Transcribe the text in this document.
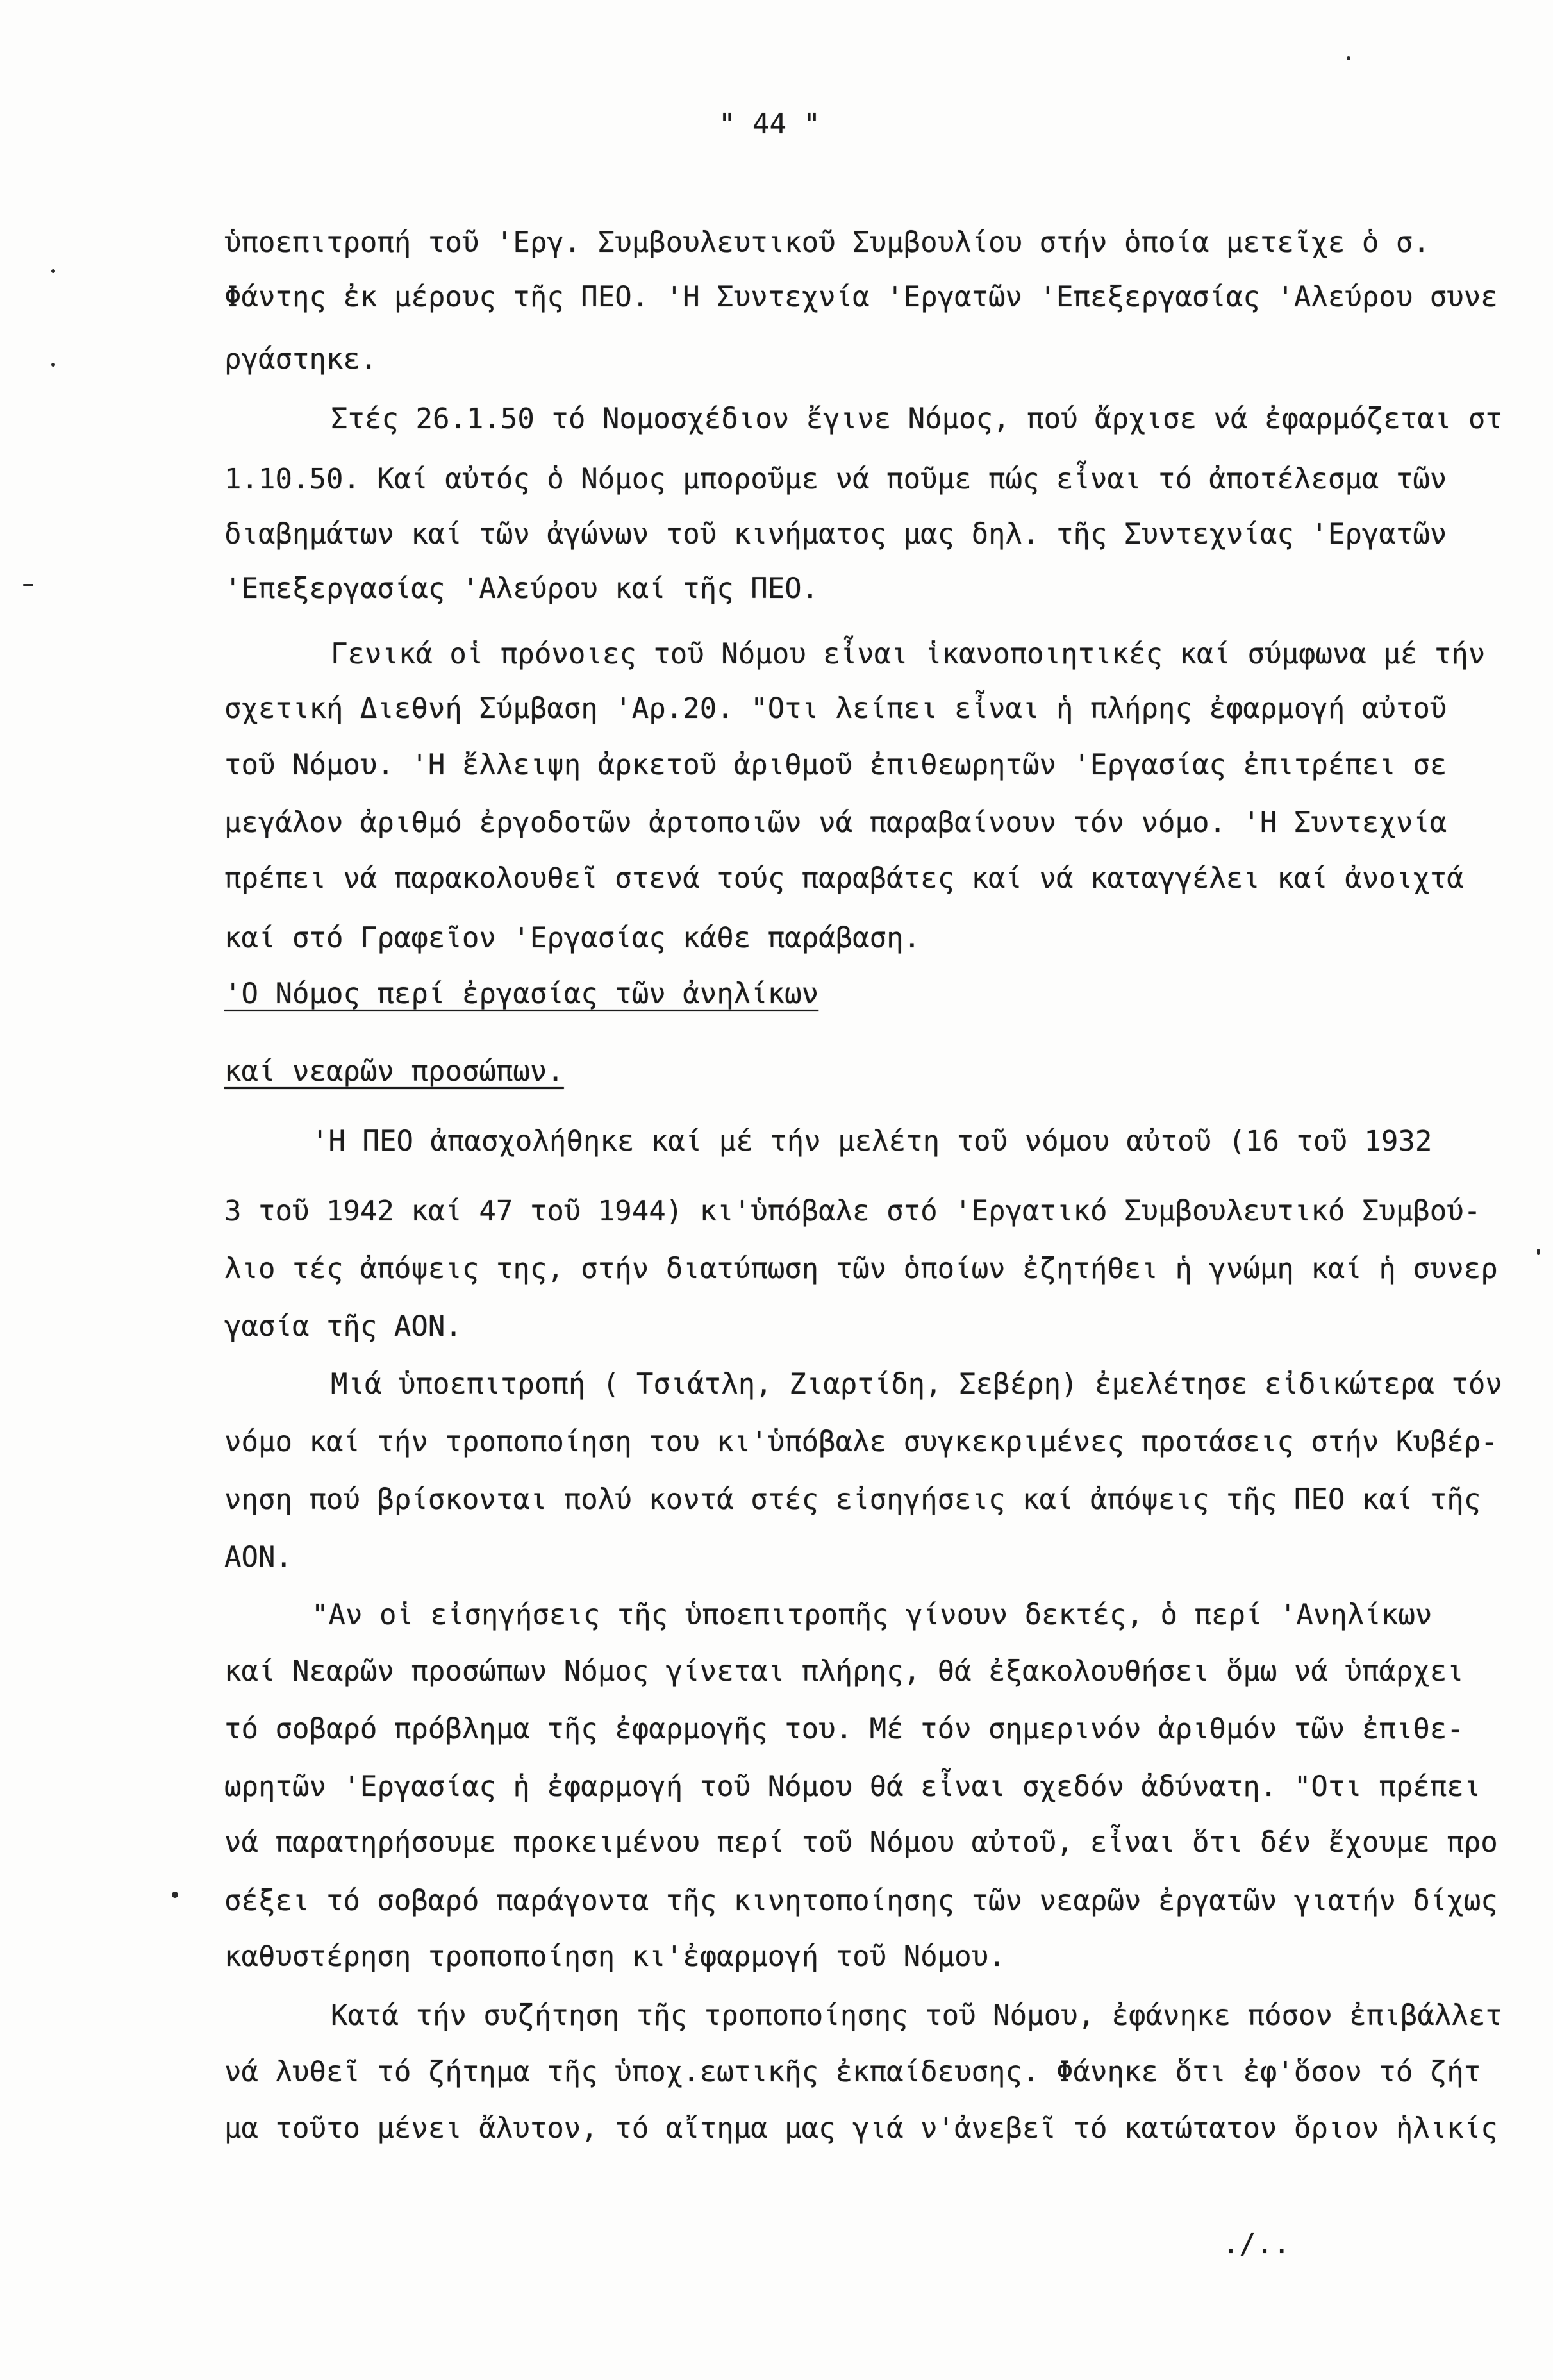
" 44 "
ὑποεπιτροπή τοῦ 'Εργ. Συμβουλευτικοῦ Συμβουλίου στήν ὁποία μετεῖχε ὁ σ.
Φάντης ἐκ μέρους τῆς ΠΕΟ. 'Η Συντεχνία 'Εργατῶν 'Επεξεργασίας 'Αλεύρου συνε
ργάστηκε.
Στές 26.1.50 τό Νομοσχέδιον ἔγινε Νόμος, πού ἄρχισε νά ἐφαρμόζεται στ
1.10.50. Καί αὐτός ὁ Νόμος μποροῦμε νά ποῦμε πώς εἶναι τό ἀποτέλεσμα τῶν
διαβημάτων καί τῶν ἀγώνων τοῦ κινήματος μας δηλ. τῆς Συντεχνίας 'Εργατῶν
'Επεξεργασίας 'Αλεύρου καί τῆς ΠΕΟ.
Γενικά οἱ πρόνοιες τοῦ Νόμου εἶναι ἱκανοποιητικές καί σύμφωνα μέ τήν
σχετική Διεθνή Σύμβαση 'Αρ.20. "Οτι λείπει εἶναι ἡ πλήρης ἐφαρμογή αὐτοῦ
τοῦ Νόμου. 'Η ἔλλειψη ἀρκετοῦ ἀριθμοῦ ἐπιθεωρητῶν 'Εργασίας ἐπιτρέπει σε
μεγάλον ἀριθμό ἐργοδοτῶν ἀρτοποιῶν νά παραβαίνουν τόν νόμο. 'Η Συντεχνία
πρέπει νά παρακολουθεῖ στενά τούς παραβάτες καί νά καταγγέλει καί ἀνοιχτά
καί στό Γραφεῖον 'Εργασίας κάθε παράβαση.
'Ο Νόμος περί ἐργασίας τῶν ἀνηλίκων
καί νεαρῶν προσώπων.
'Η ΠΕΟ ἀπασχολήθηκε καί μέ τήν μελέτη τοῦ νόμου αὐτοῦ (16 τοῦ 1932
3 τοῦ 1942 καί 47 τοῦ 1944) κι'ὑπόβαλε στό 'Εργατικό Συμβουλευτικό Συμβού-
λιο τές ἀπόψεις της, στήν διατύπωση τῶν ὁποίων ἐζητήθει ἡ γνώμη καί ἡ συνερ
γασία τῆς ΑΟΝ.
Μιά ὑποεπιτροπή ( Τσιάτλη, Ζιαρτίδη, Σεβέρη) ἐμελέτησε εἰδικώτερα τόν
νόμο καί τήν τροποποίηση του κι'ὑπόβαλε συγκεκριμένες προτάσεις στήν Κυβέρ-
νηση πού βρίσκονται πολύ κοντά στές εἰσηγήσεις καί ἀπόψεις τῆς ΠΕΟ καί τῆς
ΑΟΝ.
"Αν οἱ εἰσηγήσεις τῆς ὑποεπιτροπῆς γίνουν δεκτές, ὁ περί 'Ανηλίκων
καί Νεαρῶν προσώπων Νόμος γίνεται πλήρης, θά ἐξακολουθήσει ὅμω νά ὑπάρχει
τό σοβαρό πρόβλημα τῆς ἐφαρμογῆς του. Μέ τόν σημερινόν ἀριθμόν τῶν ἐπιθε-
ωρητῶν 'Εργασίας ἡ ἐφαρμογή τοῦ Νόμου θά εἶναι σχεδόν ἀδύνατη. "Οτι πρέπει
νά παρατηρήσουμε προκειμένου περί τοῦ Νόμου αὐτοῦ, εἶναι ὅτι δέν ἔχουμε προ
σέξει τό σοβαρό παράγοντα τῆς κινητοποίησης τῶν νεαρῶν ἐργατῶν γιατήν δίχως
καθυστέρηση τροποποίηση κι'ἐφαρμογή τοῦ Νόμου.
Κατά τήν συζήτηση τῆς τροποποίησης τοῦ Νόμου, ἐφάνηκε πόσον ἐπιβάλλετ
νά λυθεῖ τό ζήτημα τῆς ὑποχ.εωτικῆς ἐκπαίδευσης. Φάνηκε ὅτι ἐφ'ὅσον τό ζήτ
μα τοῦτο μένει ἄλυτον, τό αἴτημα μας γιά ν'ἀνεβεῖ τό κατώτατον ὅριον ἡλικίς
./..
